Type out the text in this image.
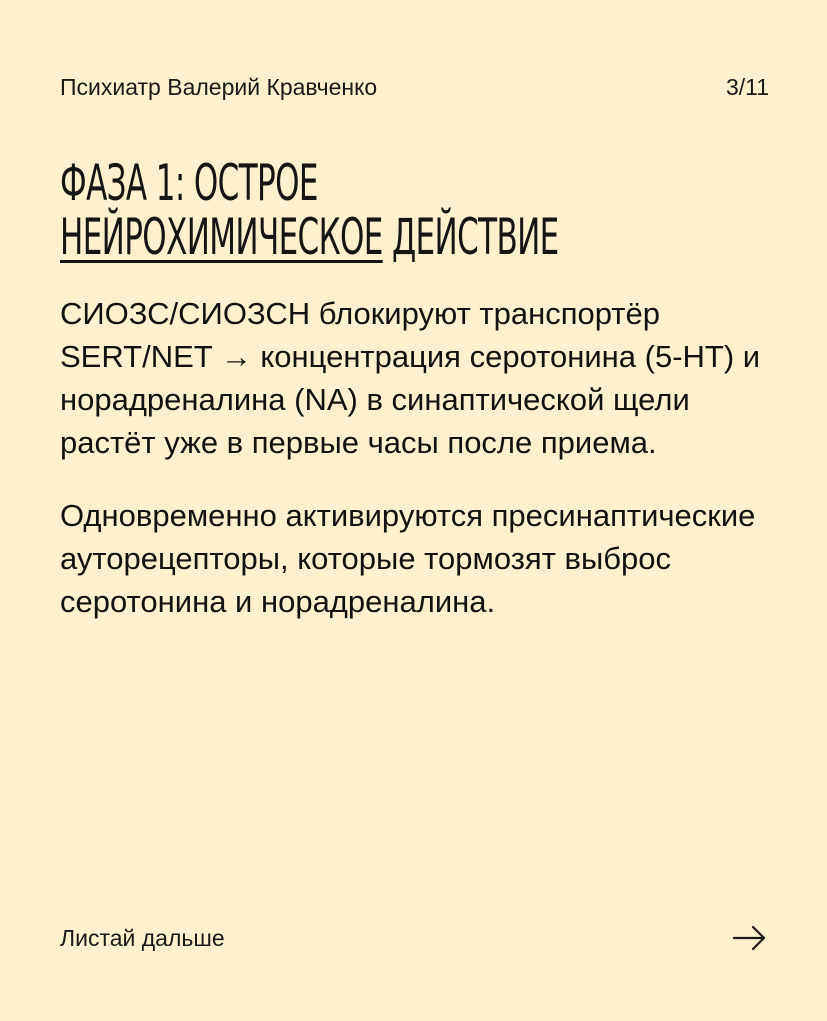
Психиатр Валерий Кравченко	3/11
ФАЗА 1: ОСТРОЕ
НЕЙРОХИМИЧЕСКОЕ ДЕЙСТВИЕ

СИОЗС/СИОЗСН блокируют транспортёр SERT/NET → концентрация серотонина (5-HT) и норадреналина (NA) в синаптической щели растёт уже в первые часы после приема.

Одновременно активируются пресинаптические ауторецепторы, которые тормозят выброс серотонина и норадреналина.

Листай дальше
